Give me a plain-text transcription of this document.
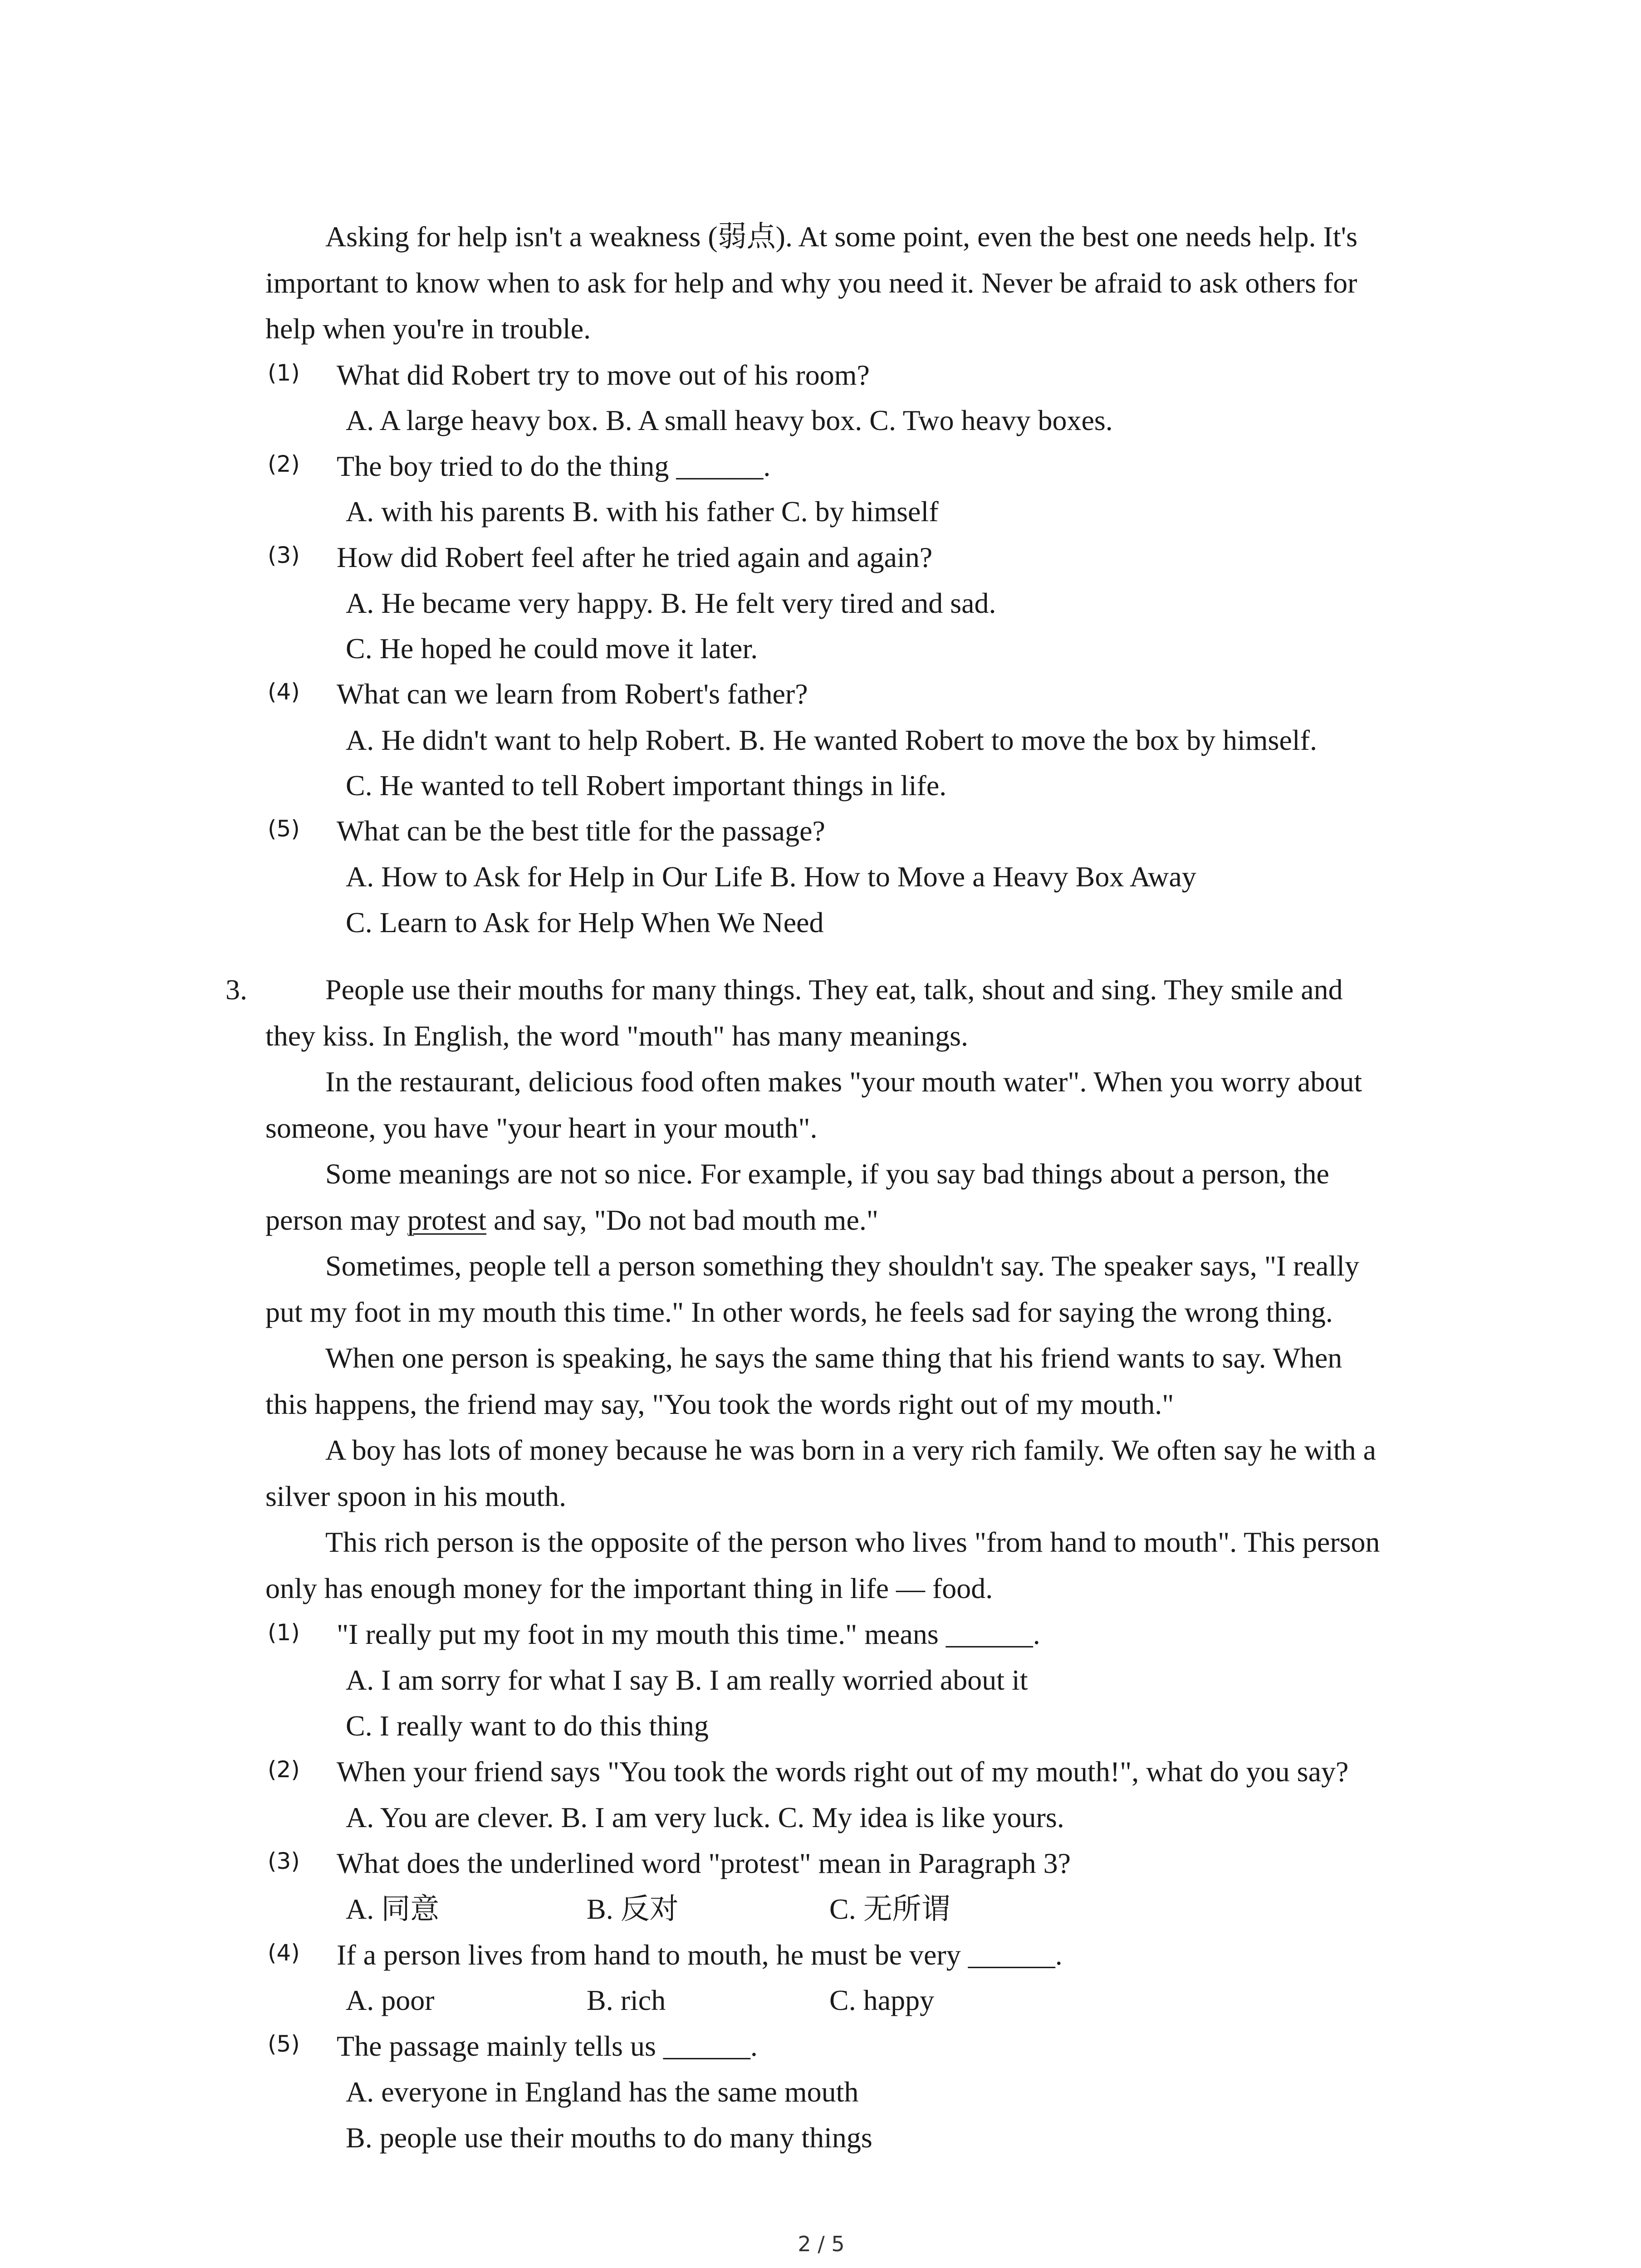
Asking for help isn't a weakness (弱点). At some point, even the best one needs help. It's
important to know when to ask for help and why you need it. Never be afraid to ask others for
help when you're in trouble.
(1) What did Robert try to move out of his room?
A. A large heavy box. B. A small heavy box. C. Two heavy boxes.
(2) The boy tried to do the thing ______.
A. with his parents B. with his father C. by himself
(3) How did Robert feel after he tried again and again?
A. He became very happy. B. He felt very tired and sad.
C. He hoped he could move it later.
(4) What can we learn from Robert's father?
A. He didn't want to help Robert. B. He wanted Robert to move the box by himself.
C. He wanted to tell Robert important things in life.
(5) What can be the best title for the passage?
A. How to Ask for Help in Our Life B. How to Move a Heavy Box Away
C. Learn to Ask for Help When We Need
3.	People use their mouths for many things. They eat, talk, shout and sing. They smile and
they kiss. In English, the word "mouth" has many meanings.
In the restaurant, delicious food often makes "your mouth water". When you worry about
someone, you have "your heart in your mouth".
Some meanings are not so nice. For example, if you say bad things about a person, the
person may protest and say, "Do not bad mouth me."
Sometimes, people tell a person something they shouldn't say. The speaker says, "I really
put my foot in my mouth this time." In other words, he feels sad for saying the wrong thing.
When one person is speaking, he says the same thing that his friend wants to say. When
this happens, the friend may say, "You took the words right out of my mouth."
A boy has lots of money because he was born in a very rich family. We often say he with a
silver spoon in his mouth.
This rich person is the opposite of the person who lives "from hand to mouth". This person
only has enough money for the important thing in life — food.
(1) "I really put my foot in my mouth this time." means ______.
A. I am sorry for what I say B. I am really worried about it
C. I really want to do this thing
(2) When your friend says "You took the words right out of my mouth!", what do you say?
A. You are clever. B. I am very luck. C. My idea is like yours.
(3) What does the underlined word "protest" mean in Paragraph 3?
A. 同意	B. 反对	C. 无所谓
(4) If a person lives from hand to mouth, he must be very ______.
A. poor	B. rich	C. happy
(5) The passage mainly tells us ______.
A. everyone in England has the same mouth
B. people use their mouths to do many things
2 / 5
